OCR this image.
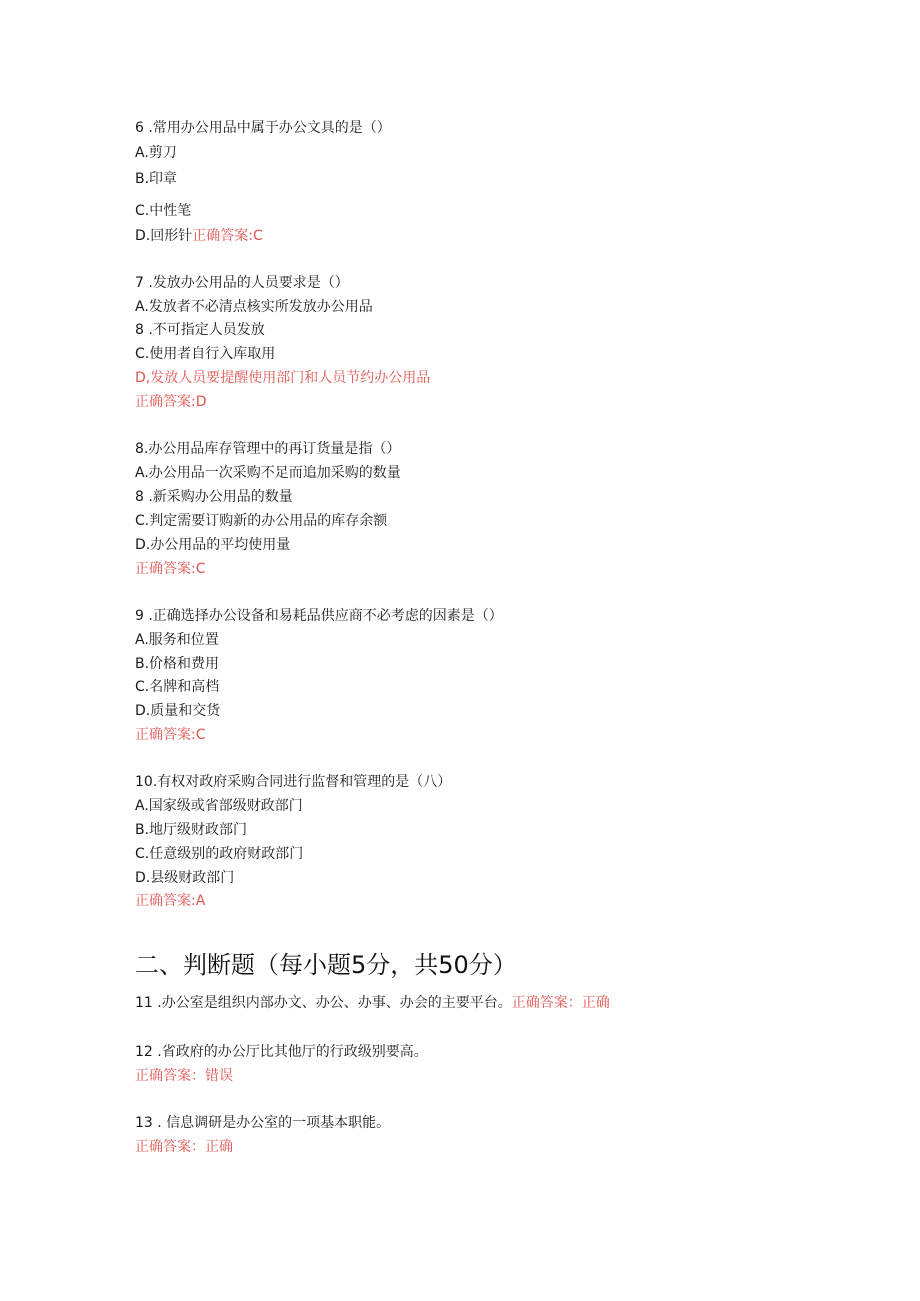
6 .常用办公用品中属于办公文具的是（）
A.剪刀
B.印章
C.中性笔
D.回形针正确答案:C
7 .发放办公用品的人员要求是（）
A.发放者不必清点核实所发放办公用品
8 .不可指定人员发放
C.使用者自行入库取用
D,发放人员要提醒使用部门和人员节约办公用品
正确答案:D
8.办公用品库存管理中的再订货量是指（）
A.办公用品一次采购不足而追加采购的数量
8 .新采购办公用品的数量
C.判定需要订购新的办公用品的库存余额
D.办公用品的平均使用量
正确答案:C
9 .正确选择办公设备和易耗品供应商不必考虑的因素是（）
A.服务和位置
B.价格和费用
C.名牌和高档
D.质量和交货
正确答案:C
10.有权对政府采购合同进行监督和管理的是（八）
A.国家级或省部级财政部门
B.地厅级财政部门
C.任意级别的政府财政部门
D.县级财政部门
正确答案:A
二、判断题（每小题5分，共50分）
11 .办公室是组织内部办文、办公、办事、办会的主要平台。正确答案：正确
12 .省政府的办公厅比其他厅的行政级别要高。
正确答案：错误
13 . 信息调研是办公室的一项基本职能。
正确答案：正确
